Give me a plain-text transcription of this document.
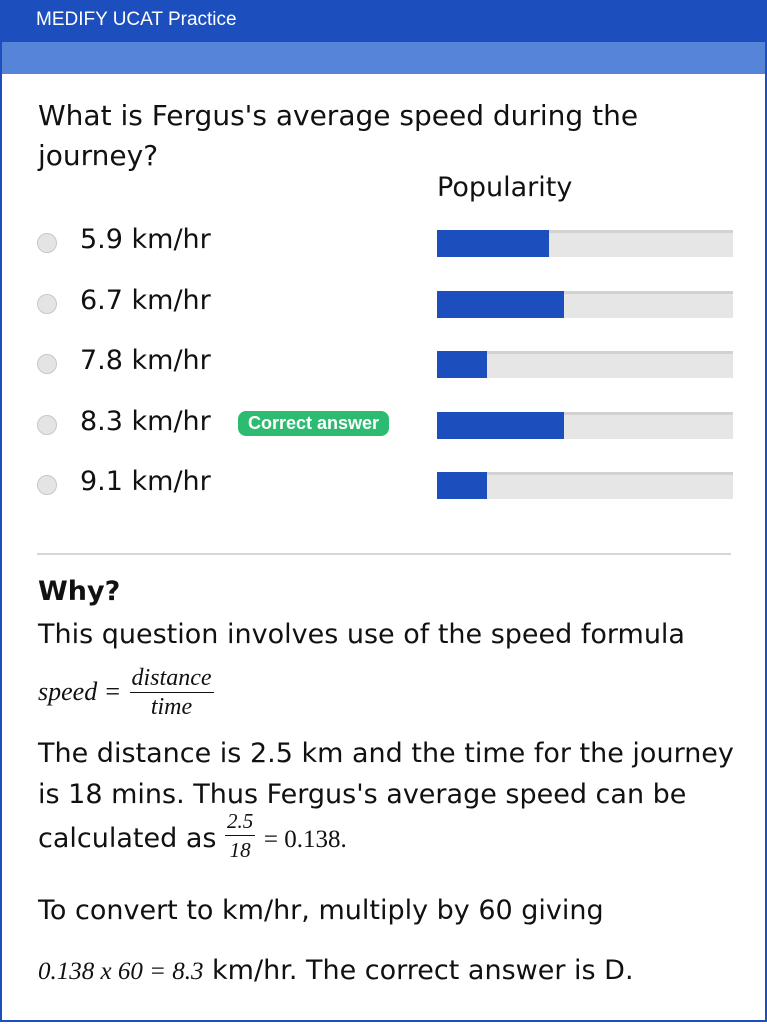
MEDIFY UCAT Practice
What is Fergus's average speed during the journey?
Popularity
5.9 km/hr
6.7 km/hr
7.8 km/hr
8.3 km/hr	Correct answer
9.1 km/hr
Why?
This question involves use of the speed formula
speed = $\frac{\text{distance}}{\text{time}}$
The distance is 2.5 km and the time for the journey is 18 mins. Thus Fergus's average speed can be calculated as $\frac{2.5}{18} = 0.138$.
To convert to km/hr, multiply by 60 giving
0.138 x 60 = 8.3 km/hr. The correct answer is D.
